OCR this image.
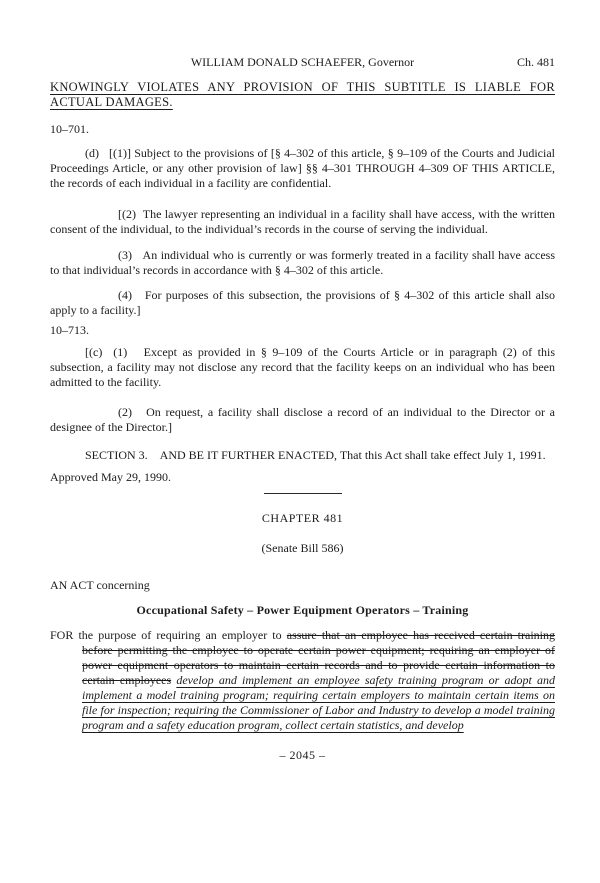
WILLIAM DONALD SCHAEFER, Governor	Ch. 481

KNOWINGLY VIOLATES ANY PROVISION OF THIS SUBTITLE IS LIABLE FOR ACTUAL DAMAGES.

10–701.

(d)   [(1)] Subject to the provisions of [§ 4–302 of this article, § 9–109 of the Courts and Judicial Proceedings Article, or any other provision of law] §§ 4–301 THROUGH 4–309 OF THIS ARTICLE, the records of each individual in a facility are confidential.

[(2)  The lawyer representing an individual in a facility shall have access, with the written consent of the individual, to the individual’s records in the course of serving the individual.

(3)   An individual who is currently or was formerly treated in a facility shall have access to that individual’s records in accordance with § 4–302 of this article.

(4)   For purposes of this subsection, the provisions of § 4–302 of this article shall also apply to a facility.]

10–713.

[(c)  (1)   Except as provided in § 9–109 of the Courts Article or in paragraph (2) of this subsection, a facility may not disclose any record that the facility keeps on an individual who has been admitted to the facility.

(2)   On request, a facility shall disclose a record of an individual to the Director or a designee of the Director.]

SECTION 3.    AND BE IT FURTHER ENACTED, That this Act shall take effect July 1, 1991.

Approved May 29, 1990.

CHAPTER 481

(Senate Bill 586)

AN ACT concerning

Occupational Safety – Power Equipment Operators – Training

FOR the purpose of requiring an employer to assure that an employee has received certain training before permitting the employee to operate certain power equipment; requiring an employer of power equipment operators to maintain certain records and to provide certain information to certain employees develop and implement an employee safety training program or adopt and implement a model training program; requiring certain employers to maintain certain items on file for inspection; requiring the Commissioner of Labor and Industry to develop a model training program and a safety education program, collect certain statistics, and develop

– 2045 –
